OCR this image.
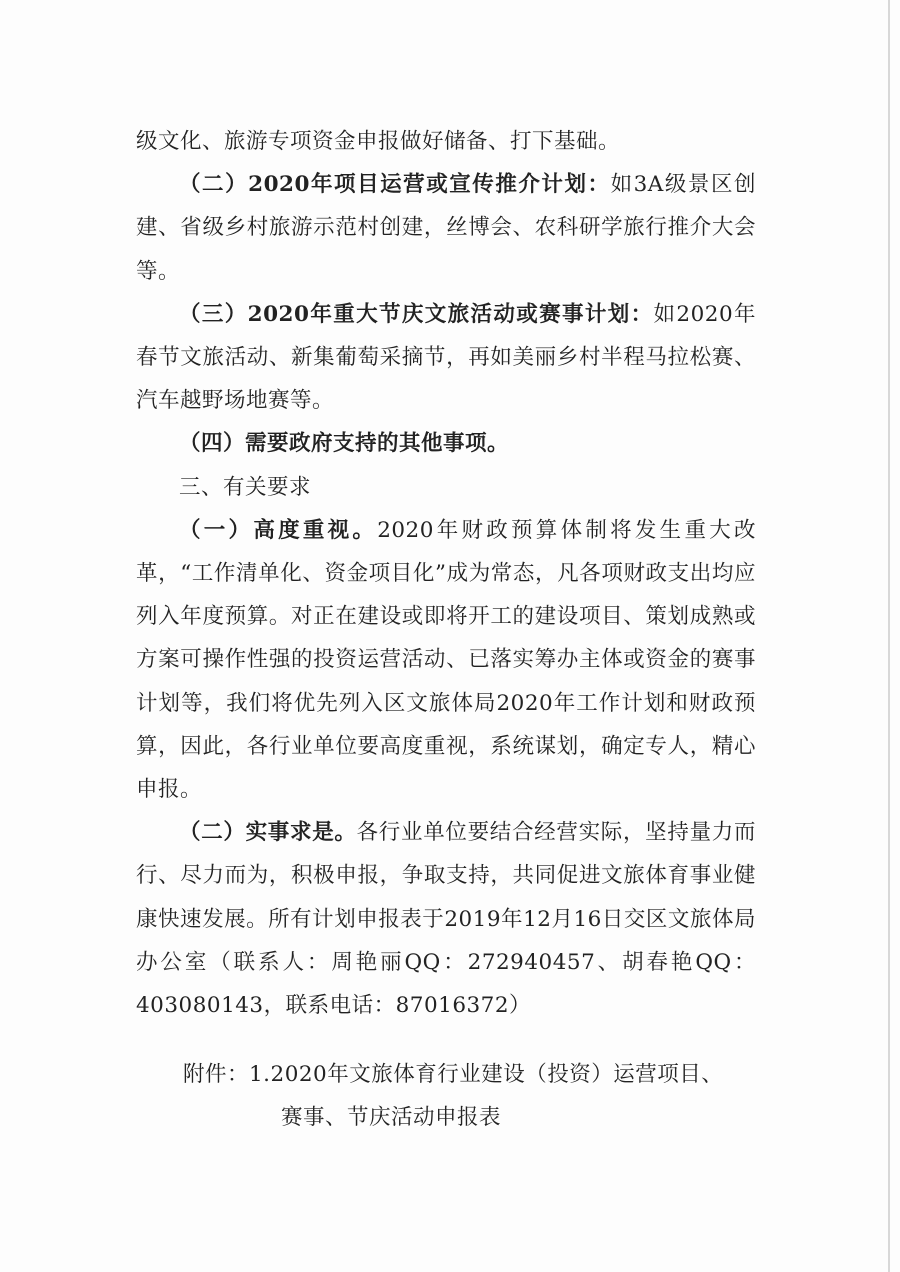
级文化、旅游专项资金申报做好储备、打下基础。

（二）2020年项目运营或宣传推介计划：如3A级景区创建、省级乡村旅游示范村创建，丝博会、农科研学旅行推介大会等。

（三）2020年重大节庆文旅活动或赛事计划：如2020年春节文旅活动、新集葡萄采摘节，再如美丽乡村半程马拉松赛、汽车越野场地赛等。

（四）需要政府支持的其他事项。

三、有关要求

（一）高度重视。2020年财政预算体制将发生重大改革，“工作清单化、资金项目化”成为常态，凡各项财政支出均应列入年度预算。对正在建设或即将开工的建设项目、策划成熟或方案可操作性强的投资运营活动、已落实筹办主体或资金的赛事计划等，我们将优先列入区文旅体局2020年工作计划和财政预算，因此，各行业单位要高度重视，系统谋划，确定专人，精心申报。

（二）实事求是。各行业单位要结合经营实际，坚持量力而行、尽力而为，积极申报，争取支持，共同促进文旅体育事业健康快速发展。所有计划申报表于2019年12月16日交区文旅体局办公室（联系人：周艳丽QQ：272940457、胡春艳QQ：403080143，联系电话：87016372）

附件：1.2020年文旅体育行业建设（投资）运营项目、
赛事、节庆活动申报表
